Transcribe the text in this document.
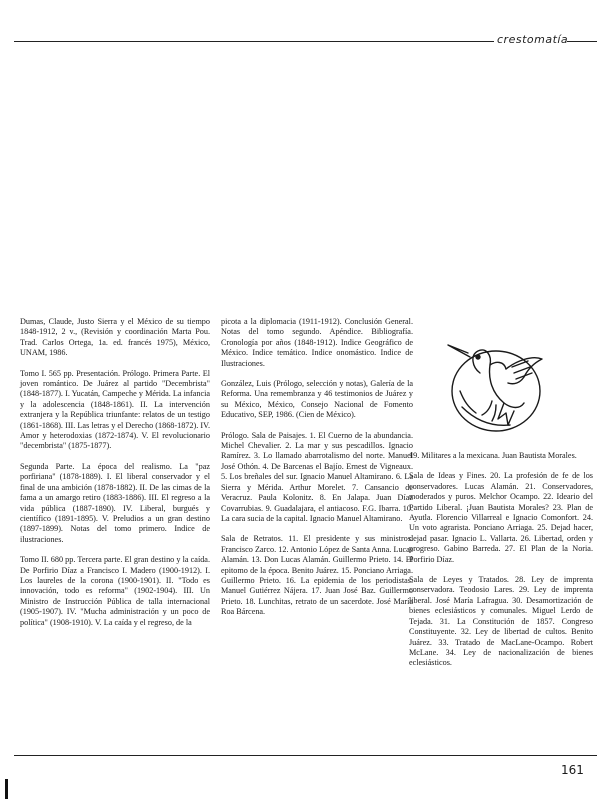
crestomatía

Dumas, Claude, Justo Sierra y el México de su tiempo 1848-1912, 2 v., (Revisión y coordinación Marta Pou. Trad. Carlos Ortega, 1a. ed. francés 1975), México, UNAM, 1986.

Tomo I. 565 pp. Presentación. Prólogo. Primera Parte. El joven romántico. De Juárez al partido "Decembrista" (1848-1877). I. Yucatán, Campeche y Mérida. La infancia y la adolescencia (1848-1861). II. La intervención extranjera y la República triunfante: relatos de un testigo (1861-1868). III. Las letras y el Derecho (1868-1872). IV. Amor y heterodoxias (1872-1874). V. El revolucionario "decembrista" (1875-1877).

Segunda Parte. La época del realismo. La "paz porfiriana" (1878-1889). I. El liberal conservador y el final de una ambición (1878-1882). II. De las cimas de la fama a un amargo retiro (1883-1886). III. El regreso a la vida pública (1887-1890). IV. Liberal, burgués y científico (1891-1895). V. Preludios a un gran destino (1897-1899). Notas del tomo primero. Indice de ilustraciones.

Tomo II. 680 pp. Tercera parte. El gran destino y la caída. De Porfirio Díaz a Francisco I. Madero (1900-1912). I. Los laureles de la corona (1900-1901). II. "Todo es innovación, todo es reforma" (1902-1904). III. Un Ministro de Instrucción Pública de talla internacional (1905-1907). IV. "Mucha administración y un poco de política" (1908-1910). V. La caída y el regreso, de la

picota a la diplomacia (1911-1912). Conclusión General. Notas del tomo segundo. Apéndice. Bibliografía. Cronología por años (1848-1912). Indice Geográfico de México. Indice temático. Indice onomástico. Indice de Ilustraciones.

González, Luis (Prólogo, selección y notas), Galería de la Reforma. Una remembranza y 46 testimonios de Juárez y su México, México, Consejo Nacional de Fomento Educativo, SEP, 1986. (Cien de México).

Prólogo. Sala de Paisajes. 1. El Cuerno de la abundancia. Michel Chevalier. 2. La mar y sus pescadillos. Ignacio Ramírez. 3. Lo llamado abarrotalismo del norte. Manuel José Othón. 4. De Barcenas el Bajío. Ernest de Vigneaux. 5. Los breñales del sur. Ignacio Manuel Altamirano. 6. La Sierra y Mérida. Arthur Morelet. 7. Cansancio de Veracruz. Paula Kolonitz. 8. En Jalapa. Juan Díaz Covarrubias. 9. Guadalajara, el antiacoso. F.G. Ibarra. 10. La cara sucia de la capital. Ignacio Manuel Altamirano.

Sala de Retratos. 11. El presidente y sus ministros. Francisco Zarco. 12. Antonio López de Santa Anna. Lucas Alamán. 13. Don Lucas Alamán. Guillermo Prieto. 14. El epitomo de la época. Benito Juárez. 15. Ponciano Arriaga. Guillermo Prieto. 16. La epidemia de los periodistas. Manuel Gutiérrez Nájera. 17. Juan José Baz. Guillermo Prieto. 18. Lunchitas, retrato de un sacerdote. José María Roa Bárcena.

19. Militares a la mexicana. Juan Bautista Morales.

Sala de Ideas y Fines. 20. La profesión de fe de los conservadores. Lucas Alamán. 21. Conservadores, moderados y puros. Melchor Ocampo. 22. Ideario del Partido Liberal. ¡Juan Bautista Morales? 23. Plan de Ayutla. Florencio Villarreal e Ignacio Comonfort. 24. Un voto agrarista. Ponciano Arriaga. 25. Dejad hacer, dejad pasar. Ignacio L. Vallarta. 26. Libertad, orden y progreso. Gabino Barreda. 27. El Plan de la Noria. Porfirio Díaz.

Sala de Leyes y Tratados. 28. Ley de imprenta conservadora. Teodosio Lares. 29. Ley de imprenta liberal. José María Lafragua. 30. Desamortización de bienes eclesiásticos y comunales. Miguel Lerdo de Tejada. 31. La Constitución de 1857. Congreso Constituyente. 32. Ley de libertad de cultos. Benito Juárez. 33. Tratado de MacLane-Ocampo. Robert McLane. 34. Ley de nacionalización de bienes eclesiásticos.

161
